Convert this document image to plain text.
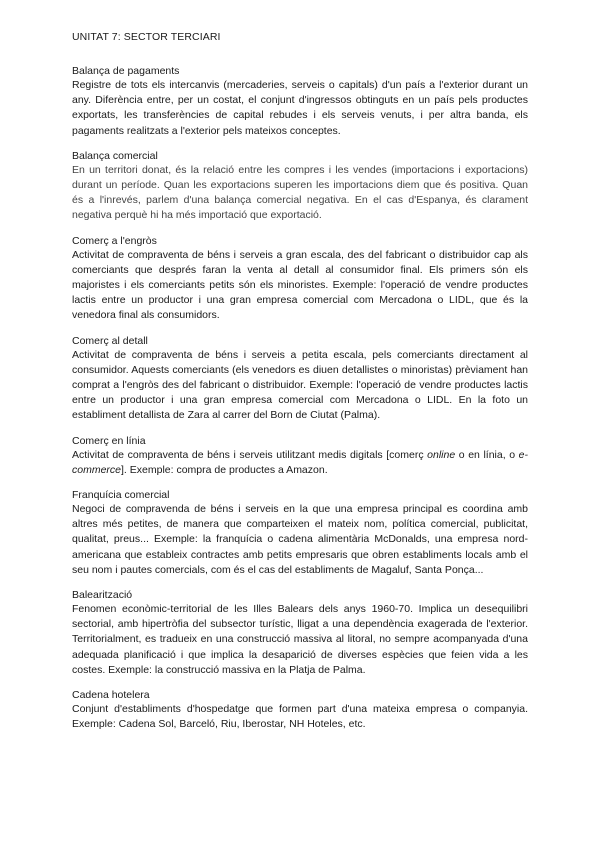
UNITAT 7: SECTOR TERCIARI

Balança de pagaments

Registre de tots els intercanvis (mercaderies, serveis o capitals) d'un país a l'exterior durant un any. Diferència entre, per un costat, el conjunt d'ingressos obtinguts en un país pels productes exportats, les transferències de capital rebudes i els serveis venuts, i per altra banda, els pagaments realitzats a l'exterior pels mateixos conceptes.

Balança comercial

En un territori donat, és la relació entre les compres i les vendes (importacions i exportacions) durant un període. Quan les exportacions superen les importacions diem que és positiva. Quan és a l'inrevés, parlem d'una balança comercial negativa. En el cas d'Espanya, és clarament negativa perquè hi ha més importació que exportació.

Comerç a l'engròs

Activitat de compraventa de béns i serveis a gran escala, des del fabricant o distribuidor cap als comerciants que després faran la venta al detall al consumidor final. Els primers són els majoristes i els comerciants petits són els minoristes. Exemple: l'operació de vendre productes lactis entre un productor i una gran empresa comercial com Mercadona o LIDL, que és la venedora final als consumidors.

Comerç al detall

Activitat de compraventa de béns i serveis a petita escala, pels comerciants directament al consumidor. Aquests comerciants (els venedors es diuen detallistes o minoristas) prèviament han comprat a l'engròs des del fabricant o distribuidor. Exemple: l'operació de vendre productes lactis entre un productor i una gran empresa comercial com Mercadona o LIDL. En la foto un establiment detallista de Zara al carrer del Born de Ciutat (Palma).

Comerç en línia

Activitat de compraventa de béns i serveis utilitzant medis digitals [comerç online o en línia, o e-commerce]. Exemple: compra de productes a Amazon.

Franquícia comercial

Negoci de compravenda de béns i serveis en la que una empresa principal es coordina amb altres més petites, de manera que comparteixen el mateix nom, política comercial, publicitat, qualitat, preus... Exemple: la franquícia o cadena alimentària McDonalds, una empresa nord-americana que estableix contractes amb petits empresaris que obren establiments locals amb el seu nom i pautes comercials, com és el cas del establiments de Magaluf, Santa Ponça...

Balearització

Fenomen econòmic-territorial de les Illes Balears dels anys 1960-70. Implica un desequilibri sectorial, amb hipertròfia del subsector turístic, lligat a una dependència exagerada de l'exterior. Territorialment, es tradueix en una construcció massiva al litoral, no sempre acompanyada d'una adequada planificació i que implica la desaparició de diverses espècies que feien vida a les costes. Exemple: la construcció massiva en la Platja de Palma.

Cadena hotelera

Conjunt d'establiments d'hospedatge que formen part d'una mateixa empresa o companyia. Exemple: Cadena Sol, Barceló, Riu, Iberostar, NH Hoteles, etc.
